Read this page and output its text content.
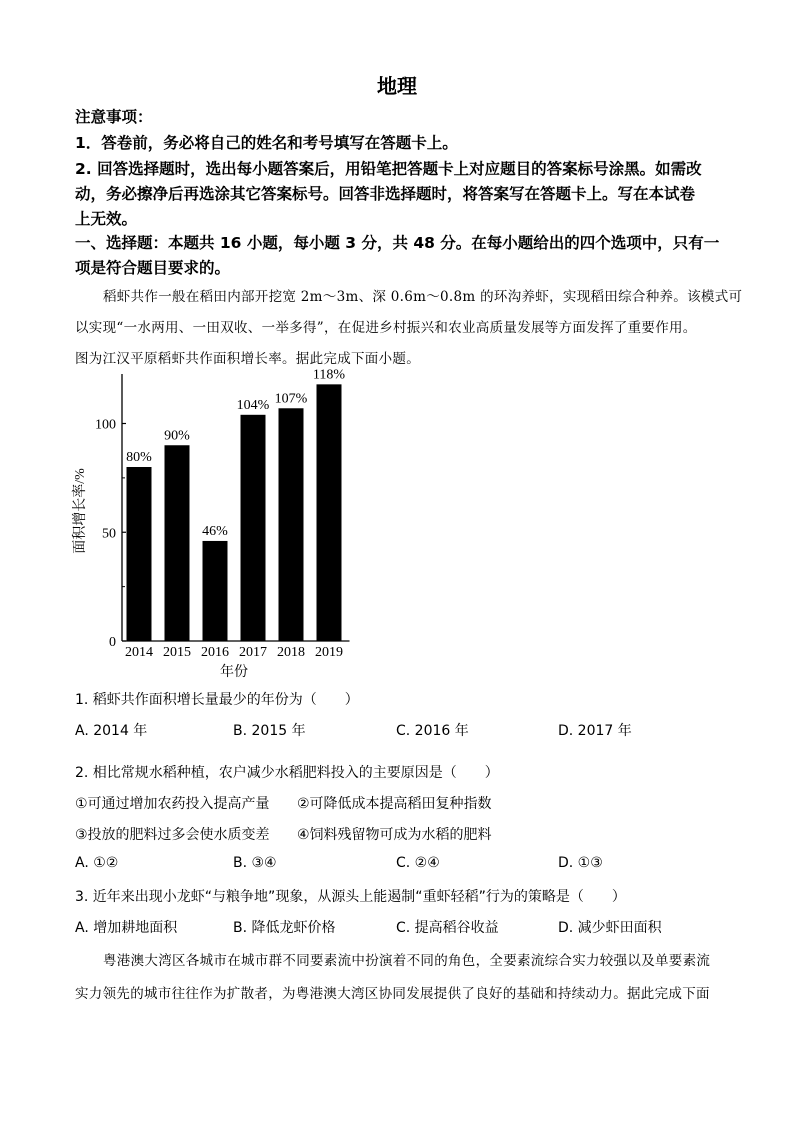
地理
注意事项：
1．答卷前，务必将自己的姓名和考号填写在答题卡上。
2. 回答选择题时，选出每小题答案后，用铅笔把答题卡上对应题目的答案标号涂黑。如需改
动，务必擦净后再选涂其它答案标号。回答非选择题时，将答案写在答题卡上。写在本试卷
上无效。
一、选择题：本题共 16 小题，每小题 3 分，共 48 分。在每小题给出的四个选项中，只有一
项是符合题目要求的。
稻虾共作一般在稻田内部开挖宽 2m～3m、深 0.6m～0.8m 的环沟养虾，实现稻田综合种养。该模式可
以实现“一水两用、一田双收、一举多得”，在促进乡村振兴和农业高质量发展等方面发挥了重要作用。
图为江汉平原稻虾共作面积增长率。据此完成下面小题。
80%
90%
46%
104% 107%
118%
0
50
100
2014 2015 2016 2017 2018 2019
面积增长率/%
年份
1. 稻虾共作面积增长量最少的年份为（　　）
A. 2014 年	B. 2015 年	C. 2016 年	D. 2017 年
2. 相比常规水稻种植，农户减少水稻肥料投入的主要原因是（　　）
①可通过增加农药投入提高产量 ②可降低成本提高稻田复种指数
③投放的肥料过多会使水质变差 ④饲料残留物可成为水稻的肥料
A. ①②	B. ③④	C. ②④	D. ①③
3. 近年来出现小龙虾“与粮争地”现象，从源头上能遏制“重虾轻稻”行为的策略是（　　）
A. 增加耕地面积	B. 降低龙虾价格	C. 提高稻谷收益	D. 减少虾田面积
粤港澳大湾区各城市在城市群不同要素流中扮演着不同的角色，全要素流综合实力较强以及单要素流
实力领先的城市往往作为扩散者，为粤港澳大湾区协同发展提供了良好的基础和持续动力。据此完成下面
